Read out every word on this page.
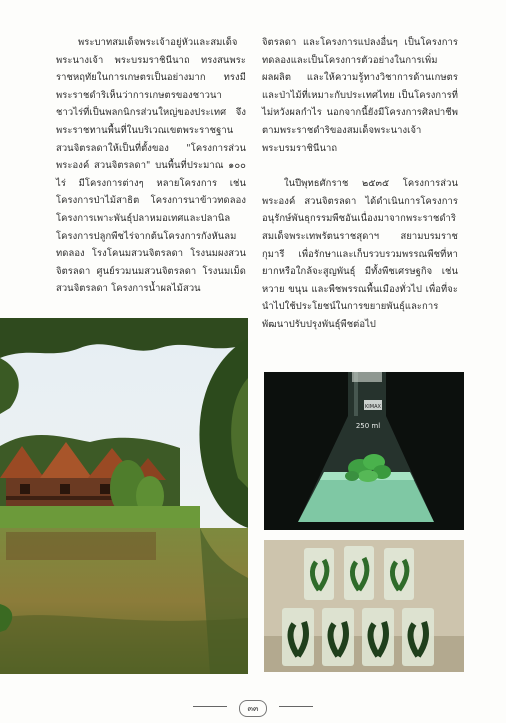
พระบาทสมเด็จพระเจ้าอยู่หัวและสมเด็จพระนางเจ้า พระบรมราชินีนาถ ทรงสนพระราชหฤทัยในการเกษตรเป็นอย่างมาก ทรงมีพระราชดำริเห็นว่าการเกษตรของชาวนาชาวไร่ที่เป็นพลกนิกรส่วนใหญ่ของประเทศ จึงพระราชทานพื้นที่ในบริเวณเขตพระราชฐานสวนจิตรลดาให้เป็นที่ตั้งของ "โครงการส่วนพระองค์ สวนจิตรลดา" บนพื้นที่ประมาณ ๑๐๐ ไร่ มีโครงการต่างๆ หลายโครงการ เช่น โครงการป่าไม้สาธิต โครงการนาข้าวทดลอง โครงการเพาะพันธุ์ปลาหมอเทศและปลานิล โครงการปลูกพืชไร่จากต้นโครงการกังหันลมทดลอง โรงโคนมสวนจิตรลดา โรงนมผงสวนจิตรลดา ศูนย์รวมนมสวนจิตรลดา โรงนมเม็ดสวนจิตรลดา โครงการน้ำผลไม้สวน

จิตรลดา และโครงการแปลงอื่นๆ เป็นโครงการทดลองและเป็นโครงการตัวอย่างในการเพิ่มผลผลิต และให้ความรู้ทางวิชาการด้านเกษตรและป่าไม้ที่เหมาะกับประเทศไทย เป็นโครงการที่ไม่หวังผลกำไร นอกจากนี้ยังมีโครงการศิลปาชีพ ตามพระราชดำริของสมเด็จพระนางเจ้า พระบรมราชินีนาถ

ในปีพุทธศักราช ๒๕๓๕ โครงการส่วนพระองค์ สวนจิตรลดา ได้ดำเนินการโครงการอนุรักษ์พันธุกรรมพืชอันเนื่องมาจากพระราชดำริ สมเด็จพระเทพรัตนราชสุดาฯ สยามบรมราชกุมารี เพื่อรักษาและเก็บรวบรวมพรรณพืชที่หายากหรือใกล้จะสูญพันธุ์ มีทั้งพืชเศรษฐกิจ เช่น หวาย ขนุน และพืชพรรณพื้นเมืองทั่วไป เพื่อที่จะนำไปใช้ประโยชน์ในการขยายพันธุ์และการพัฒนาปรับปรุงพันธุ์พืชต่อไป

KIMAX
250 ml
๓๓
